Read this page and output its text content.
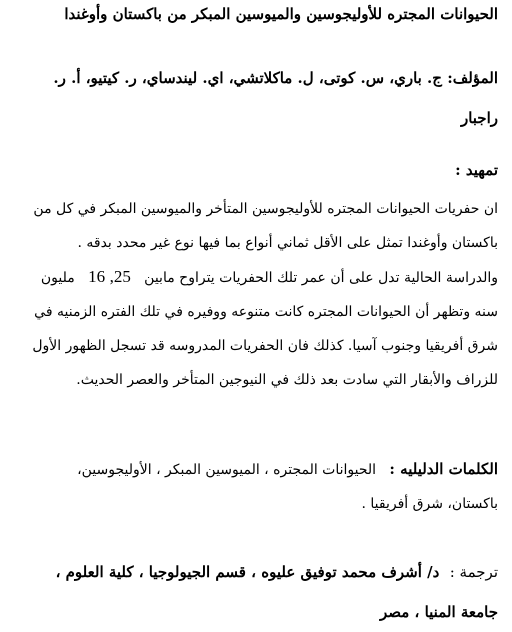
الحيوانات المجتره للأوليجوسين والميوسين المبكر من باكستان وأوغندا
المؤلف: ج. باري، س. كوتى، ل. ماكلاتشي، اي. ليندساي، ر. كيتيو، أ. ر.
راجبار
تمهيد :
ان حفريات الحيوانات المجتره للأوليجوسين المتأخر والميوسين المبكر في كل من
باكستان وأوغندا تمثل على الأقل ثماني أنواع بما فيها نوع غير محدد بدقه .
والدراسة الحالية تدل على أن عمر تلك الحفريات يتراوح مابين   25, 16   مليون
سنه وتظهر أن الحيوانات المجتره كانت متنوعه ووفيره في تلك الفتره الزمنيه في
شرق أفريقيا وجنوب آسيا. كذلك فان الحفريات المدروسه قد تسجل الظهور الأول
للزراف والأبقار التي سادت بعد ذلك في النيوجين المتأخر والعصر الحديث.
الكلمات الدليليه :   الحيوانات المجتره ، الميوسين المبكر ، الأوليجوسين،
باكستان، شرق أفريقيا .
ترجمة :  د/ أشرف محمد توفيق عليوه ، قسم الجيولوجيا ، كلية العلوم ،
جامعة المنيا ، مصر
